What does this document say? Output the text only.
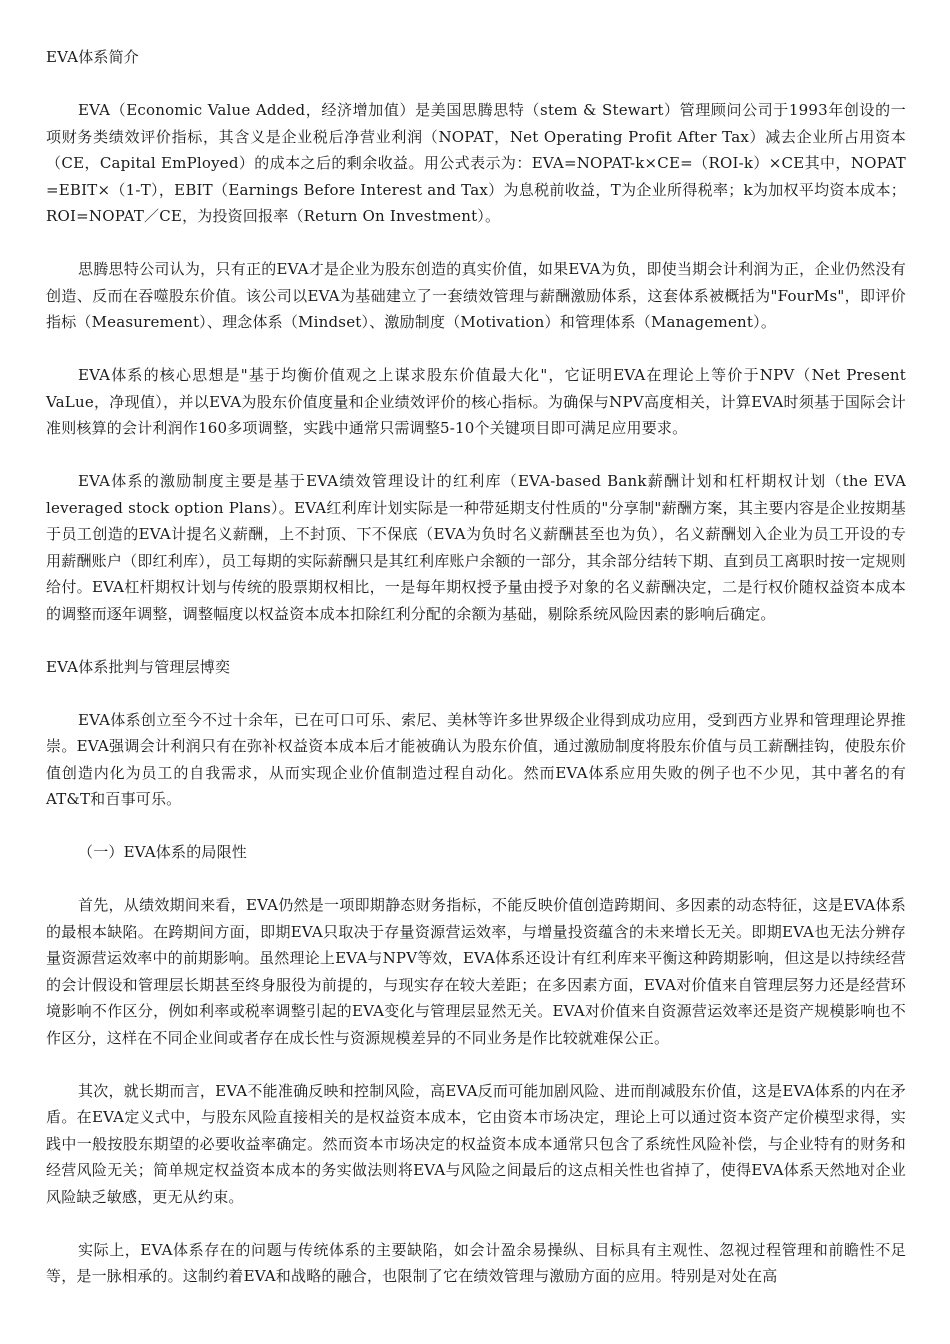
EVA体系简介

EVA（Economic Value Added，经济增加值）是美国思腾思特（stem & Stewart）管理顾问公司于1993年创设的一项财务类绩效评价指标，其含义是企业税后净营业利润（NOPAT，Net Operating Profit After Tax）减去企业所占用资本（CE，Capital EmPloyed）的成本之后的剩余收益。用公式表示为：EVA=NOPAT-k×CE=（ROI-k）×CE其中，NOPAT =EBIT×（1-T），EBIT（Earnings Before Interest and Tax）为息税前收益，T为企业所得税率；k为加权平均资本成本；ROI=NOPAT／CE，为投资回报率（Return On Investment）。

思腾思特公司认为，只有正的EVA才是企业为股东创造的真实价值，如果EVA为负，即使当期会计利润为正，企业仍然没有创造、反而在吞噬股东价值。该公司以EVA为基础建立了一套绩效管理与薪酬激励体系，这套体系被概括为"FourMs"，即评价指标（Measurement）、理念体系（Mindset）、激励制度（Motivation）和管理体系（Management）。

EVA体系的核心思想是"基于均衡价值观之上谋求股东价值最大化"，它证明EVA在理论上等价于NPV（Net Present VaLue，净现值），并以EVA为股东价值度量和企业绩效评价的核心指标。为确保与NPV高度相关，计算EVA时须基于国际会计准则核算的会计利润作160多项调整，实践中通常只需调整5-10个关键项目即可满足应用要求。

EVA体系的激励制度主要是基于EVA绩效管理设计的红利库（EVA-based Bank薪酬计划和杠杆期权计划（the EVA leveraged stock option Plans）。EVA红利库计划实际是一种带延期支付性质的"分享制"薪酬方案，其主要内容是企业按期基于员工创造的EVA计提名义薪酬，上不封顶、下不保底（EVA为负时名义薪酬甚至也为负），名义薪酬划入企业为员工开设的专用薪酬账户（即红利库），员工每期的实际薪酬只是其红利库账户余额的一部分，其余部分结转下期、直到员工离职时按一定规则给付。EVA杠杆期权计划与传统的股票期权相比，一是每年期权授予量由授予对象的名义薪酬决定，二是行权价随权益资本成本的调整而逐年调整，调整幅度以权益资本成本扣除红利分配的余额为基础，剔除系统风险因素的影响后确定。

EVA体系批判与管理层博奕

EVA体系创立至今不过十余年，已在可口可乐、索尼、美林等许多世界级企业得到成功应用，受到西方业界和管理理论界推崇。EVA强调会计利润只有在弥补权益资本成本后才能被确认为股东价值，通过激励制度将股东价值与员工薪酬挂钩，使股东价值创造内化为员工的自我需求，从而实现企业价值制造过程自动化。然而EVA体系应用失败的例子也不少见，其中著名的有AT&T和百事可乐。

（一）EVA体系的局限性

首先，从绩效期间来看，EVA仍然是一项即期静态财务指标，不能反映价值创造跨期间、多因素的动态特征，这是EVA体系的最根本缺陷。在跨期间方面，即期EVA只取决于存量资源营运效率，与增量投资蕴含的未来增长无关。即期EVA也无法分辨存量资源营运效率中的前期影响。虽然理论上EVA与NPV等效，EVA体系还设计有红利库来平衡这种跨期影响，但这是以持续经营的会计假设和管理层长期甚至终身服役为前提的，与现实存在较大差距；在多因素方面，EVA对价值来自管理层努力还是经营环境影响不作区分，例如利率或税率调整引起的EVA变化与管理层显然无关。EVA对价值来自资源营运效率还是资产规模影响也不作区分，这样在不同企业间或者存在成长性与资源规模差异的不同业务是作比较就难保公正。

其次，就长期而言，EVA不能准确反映和控制风险，高EVA反而可能加剧风险、进而削减股东价值，这是EVA体系的内在矛盾。在EVA定义式中，与股东风险直接相关的是权益资本成本，它由资本市场决定，理论上可以通过资本资产定价模型求得，实践中一般按股东期望的必要收益率确定。然而资本市场决定的权益资本成本通常只包含了系统性风险补偿，与企业特有的财务和经营风险无关；简单规定权益资本成本的务实做法则将EVA与风险之间最后的这点相关性也省掉了，使得EVA体系天然地对企业风险缺乏敏感，更无从约束。

实际上，EVA体系存在的问题与传统体系的主要缺陷，如会计盈余易操纵、目标具有主观性、忽视过程管理和前瞻性不足等，是一脉相承的。这制约着EVA和战略的融合，也限制了它在绩效管理与激励方面的应用。特别是对处在高
